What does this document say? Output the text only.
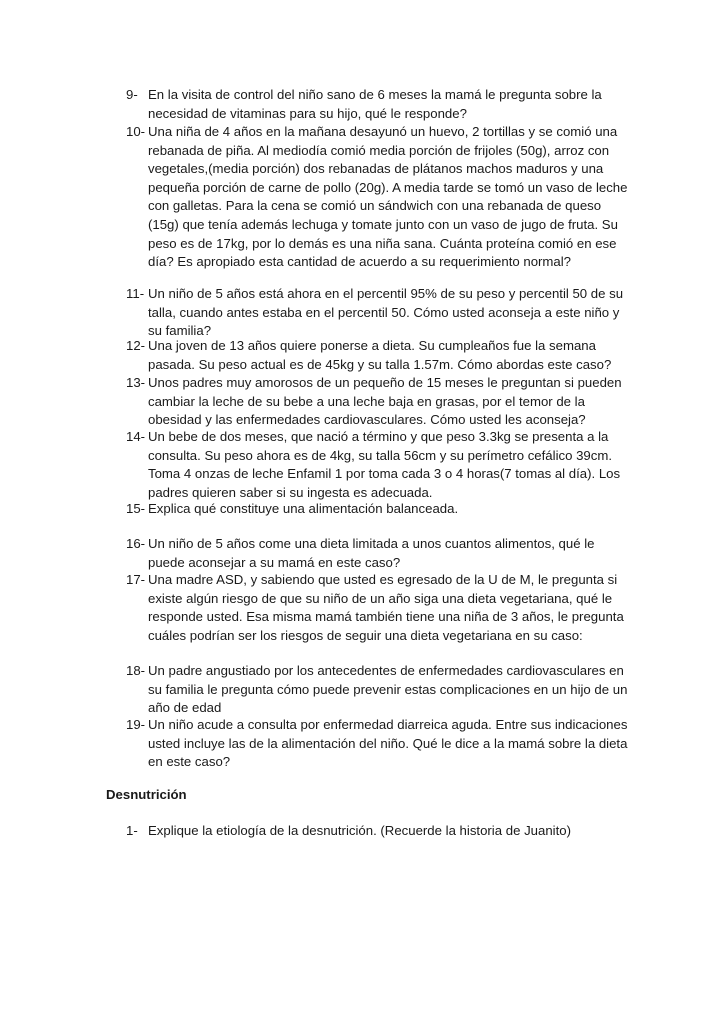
9- En la visita de control del niño sano de 6 meses la mamá le pregunta sobre la necesidad de vitaminas para su hijo, qué le responde?
10- Una niña de 4 años en la mañana desayunó un huevo, 2 tortillas y se comió una rebanada de piña. Al mediodía comió media porción de frijoles (50g), arroz con vegetales,(media porción) dos rebanadas de plátanos machos maduros y una pequeña porción de carne de pollo (20g). A media tarde se tomó un vaso de leche con galletas. Para la cena se comió un sándwich con una rebanada de queso (15g) que tenía además lechuga y tomate junto con un vaso de jugo de fruta. Su peso es de 17kg, por lo demás es una niña sana. Cuánta proteína comió en ese día? Es apropiado esta cantidad de acuerdo a su requerimiento normal?
11- Un niño de 5 años está ahora en el percentil 95% de su peso y percentil 50 de su talla, cuando antes estaba en el percentil 50. Cómo usted aconseja a este niño y su familia?
12- Una joven de 13 años quiere ponerse a dieta. Su cumpleaños fue la semana pasada. Su peso actual es de 45kg y su talla 1.57m. Cómo abordas este caso?
13- Unos padres muy amorosos de un pequeño de 15 meses le preguntan si pueden cambiar la leche de su bebe a una leche baja en grasas, por el temor de la obesidad y las enfermedades cardiovasculares. Cómo usted les aconseja?
14- Un bebe de dos meses, que nació a término y que peso 3.3kg se presenta a la consulta. Su peso ahora es de 4kg, su talla 56cm y su perímetro cefálico 39cm. Toma 4 onzas de leche Enfamil 1 por toma cada 3 o 4 horas(7 tomas al día). Los padres quieren saber si su ingesta es adecuada.
15- Explica qué constituye una alimentación balanceada.
16- Un niño de 5 años come una dieta limitada a unos cuantos alimentos, qué le puede aconsejar a su mamá en este caso?
17- Una madre ASD, y sabiendo que usted es egresado de la U de M, le pregunta si existe algún riesgo de que su niño de un año siga una dieta vegetariana, qué le responde usted. Esa misma mamá también tiene una niña de 3 años, le pregunta cuáles podrían ser los riesgos de seguir una dieta vegetariana en su caso:
18- Un padre angustiado por los antecedentes de enfermedades cardiovasculares en su familia le pregunta cómo puede prevenir estas complicaciones en un hijo de un año de edad
19- Un niño acude a consulta por enfermedad diarreica aguda. Entre sus indicaciones usted incluye las de la alimentación del niño. Qué le dice a la mamá sobre la dieta en este caso?
Desnutrición
1- Explique la etiología de la desnutrición. (Recuerde la historia de Juanito)
